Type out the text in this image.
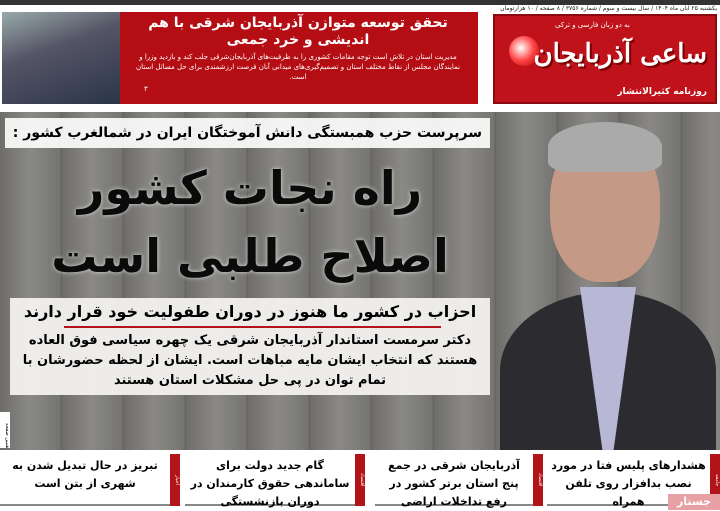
یکشنبه ۲۵ آبان ماه ۱۴۰۴ / سال بیست و سوم / شماره ۳۷۵۶ / ۸ صفحه / ۱۰ هزارتومان
تحقق توسعه متوازن آذربایجان شرقی با هم اندیشی و خرد جمعی
مدیریت استان در تلاش است توجه مقامات کشوری را به ظرفیت‌های آذربایجان‌شرقی جلب کند و بازدید وزرا و نمایندگان مجلس از نقاط مختلف استان و تصمیم‌گیری‌های میدانی آنان فرصت ارزشمندی برای حل مسائل استان است.
۳
به دو زبان فارسی و ترکی
ساعی آذربایجان
روزنامه کثیرالانتشار
سرپرست حزب همبستگی دانش آموختگان ایران در شمالغرب کشور :
راه نجات کشور
اصلاح طلبی است
احزاب در کشور ما هنوز در دوران طفولیت خود قرار دارند
دکتر سرمست استاندار آذربایجان شرقی یک چهره سیاسی فوق العاده هستند که انتخاب ایشان مایه مباهات است. ایشان از لحظه حضورشان با تمام توان در پی حل مشکلات استان هستند
همین صفحه
جامعه
هشدارهای پلیس فتا در مورد نصب بدافزار روی تلفن همراه
اقتصاد
آذربایجان شرقی در جمع پنج استان برتر کشور در رفع تداخلات اراضی
اقتصاد
گام جدید دولت برای ساماندهی حقوق کارمندان در دوران بازنشستگی
اخبار
تبریز در حال تبدیل شدن به شهری از بتن است
جستار
